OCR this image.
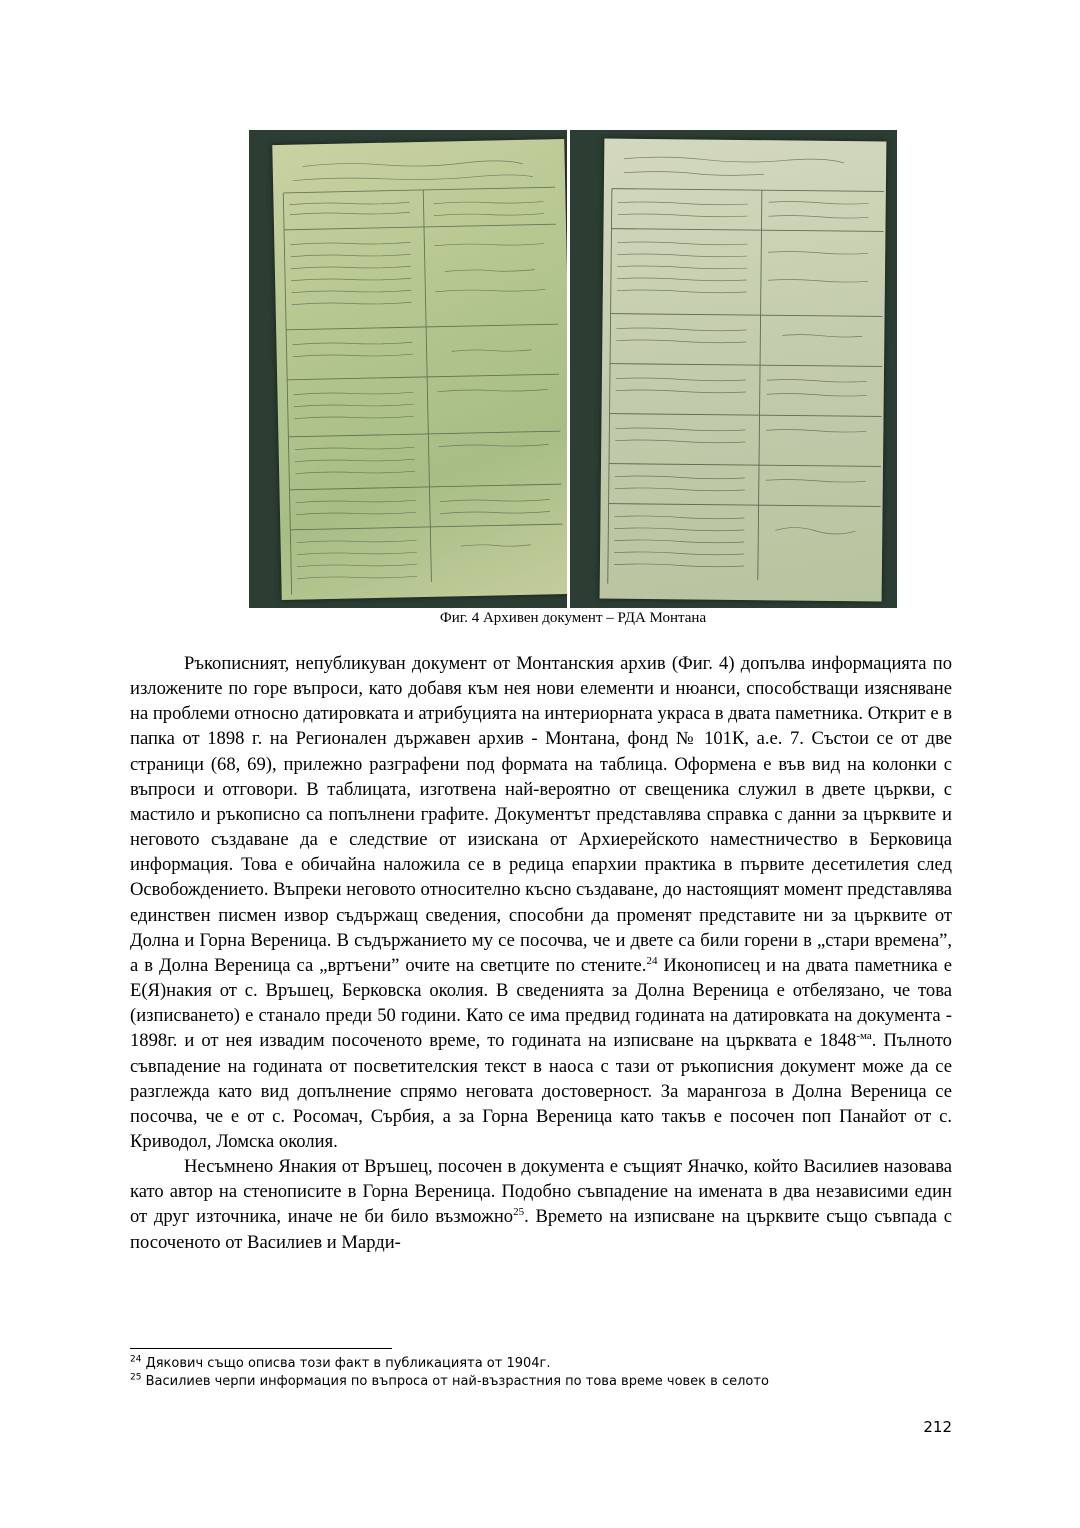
Фиг. 4 Архивен документ – РДА Монтана

Ръкописният, непубликуван документ от Монтанския архив (Фиг. 4) допълва информацията по изложените по горе въпроси, като добавя към нея нови елементи и нюанси, способстващи изясняване на проблеми относно датировката и атрибуцията на интериорната украса в двата паметника. Открит е в папка от 1898 г. на Регионален държавен архив - Монтана, фонд № 101К, а.е. 7. Състои се от две страници (68, 69), прилежно разграфени под формата на таблица. Оформена е във вид на колонки с въпроси и отговори. В таблицата, изготвена най-вероятно от свещеника служил в двете църкви, с мастило и ръкописно са попълнени графите. Документът представлява справка с данни за църквите и неговото създаване да е следствие от изискана от Архиерейското наместничество в Берковица информация. Това е обичайна наложила се в редица епархии практика в първите десетилетия след Освобождението. Въпреки неговото относително късно създаване, до настоящият момент представлява единствен писмен извор съдържащ сведения, способни да променят представите ни за църквите от Долна и Горна Вереница. В съдържанието му се посочва, че и двете са били горени в „стари времена”, а в Долна Вереница са „вртъени” очите на светците по стените.$^{24}$ Иконописец и на двата паметника е Е(Я)накия от с. Връшец, Берковска околия. В сведенията за Долна Вереница е отбелязано, че това (изписването) е станало преди 50 години. Като се има предвид годината на датировката на документа - 1898г. и от нея извадим посоченото време, то годината на изписване на църквата е $1848^{-ма}$. Пълното съвпадение на годината от посветителския текст в наоса с тази от ръкописния документ може да се разглежда като вид допълнение спрямо неговата достоверност. За марангоза в Долна Вереница се посочва, че е от с. Росомач, Сърбия, а за Горна Вереница като такъв е посочен поп Панайот от с. Криводол, Ломска околия.

Несъмнено Янакия от Връшец, посочен в документа е същият Яначко, който Василиев назовава като автор на стенописите в Горна Вереница. Подобно съвпадение на имената в два независими един от друг източника, иначе не би било възможно$^{25}$. Времето на изписване на църквите също съвпада с посоченото от Василиев и Марди-

$^{24}$ Дякович също описва този факт в публикацията от 1904г.
$^{25}$ Василиев черпи информация по въпроса от най-възрастния по това време човек в селото
212
